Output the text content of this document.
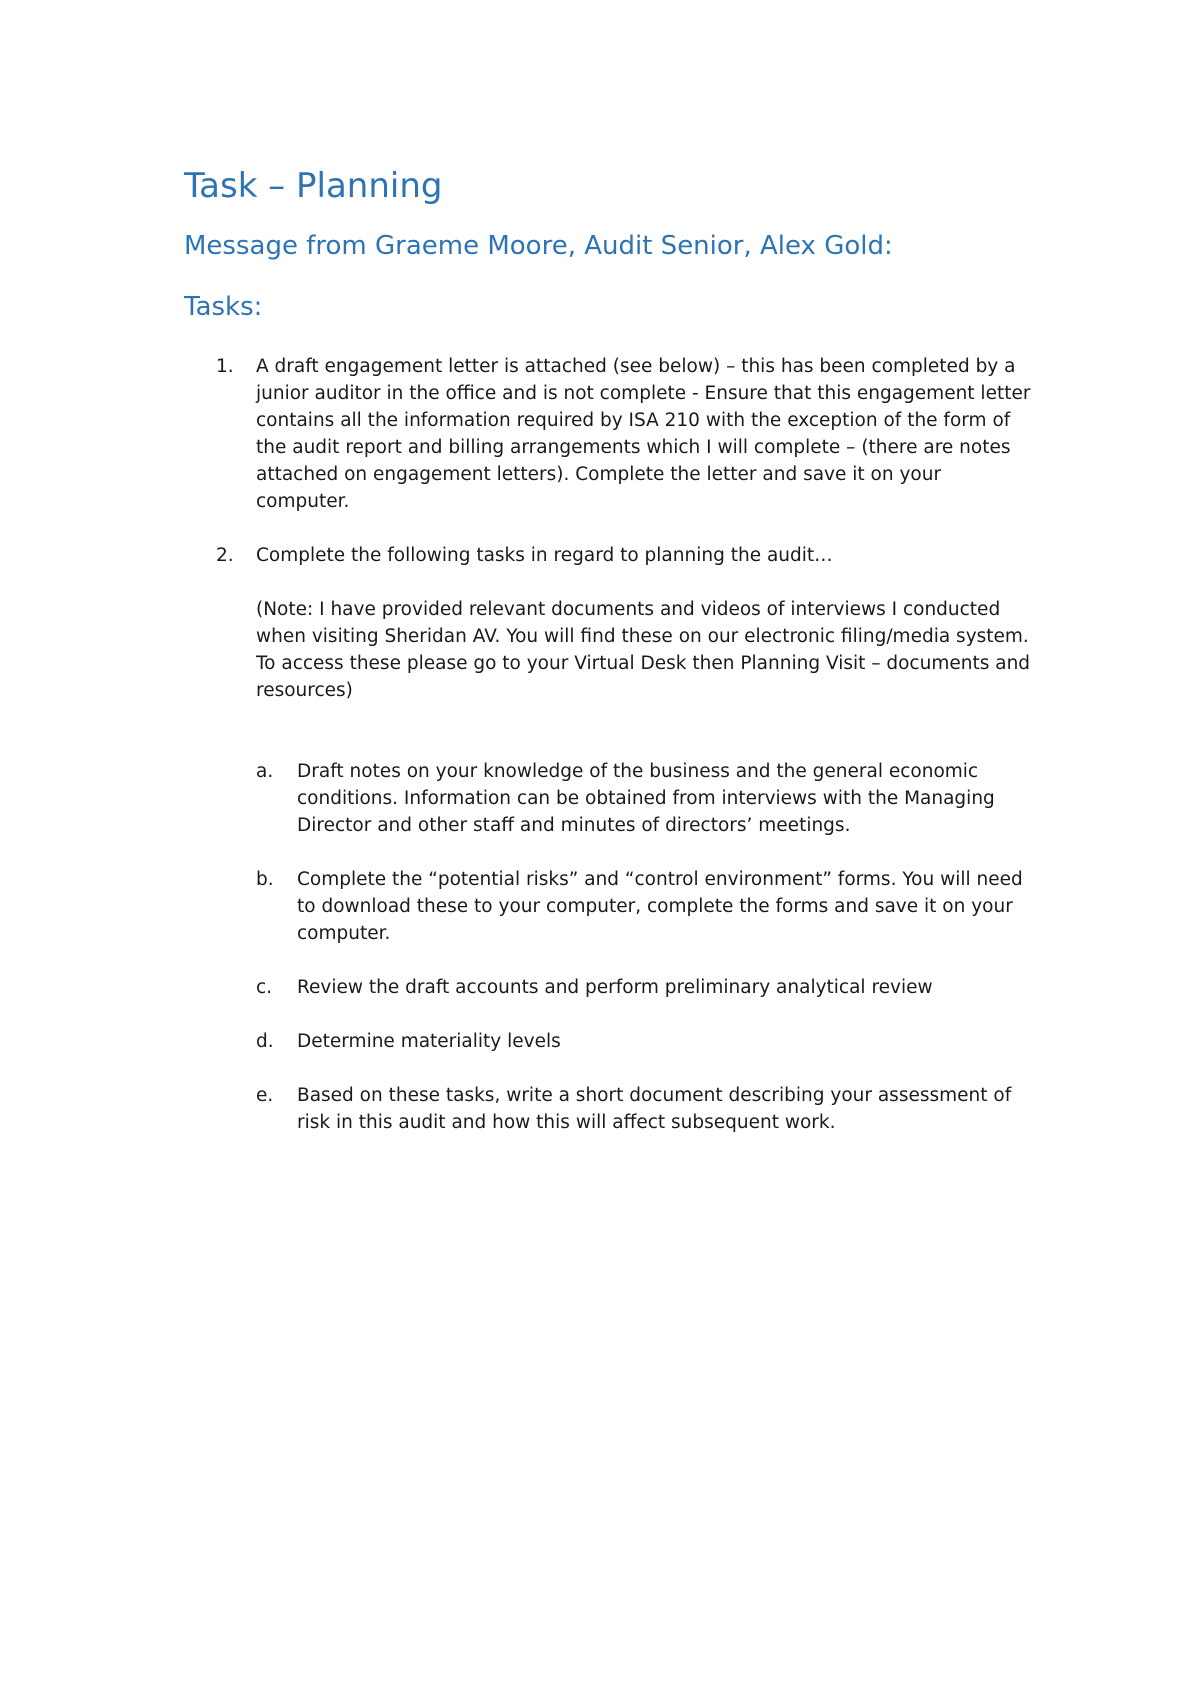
Task – Planning
Message from Graeme Moore, Audit Senior, Alex Gold:
Tasks:
1. A draft engagement letter is attached (see below) – this has been completed by a junior auditor in the office and is not complete - Ensure that this engagement letter contains all the information required by ISA 210 with the exception of the form of the audit report and billing arrangements which I will complete – (there are notes attached on engagement letters). Complete the letter and save it on your computer.
2. Complete the following tasks in regard to planning the audit…
(Note: I have provided relevant documents and videos of interviews I conducted when visiting Sheridan AV. You will find these on our electronic filing/media system. To access these please go to your Virtual Desk then Planning Visit – documents and resources)
a. Draft notes on your knowledge of the business and the general economic conditions. Information can be obtained from interviews with the Managing Director and other staff and minutes of directors’ meetings.
b. Complete the “potential risks” and “control environment” forms. You will need to download these to your computer, complete the forms and save it on your computer.
c. Review the draft accounts and perform preliminary analytical review
d. Determine materiality levels
e. Based on these tasks, write a short document describing your assessment of risk in this audit and how this will affect subsequent work.
